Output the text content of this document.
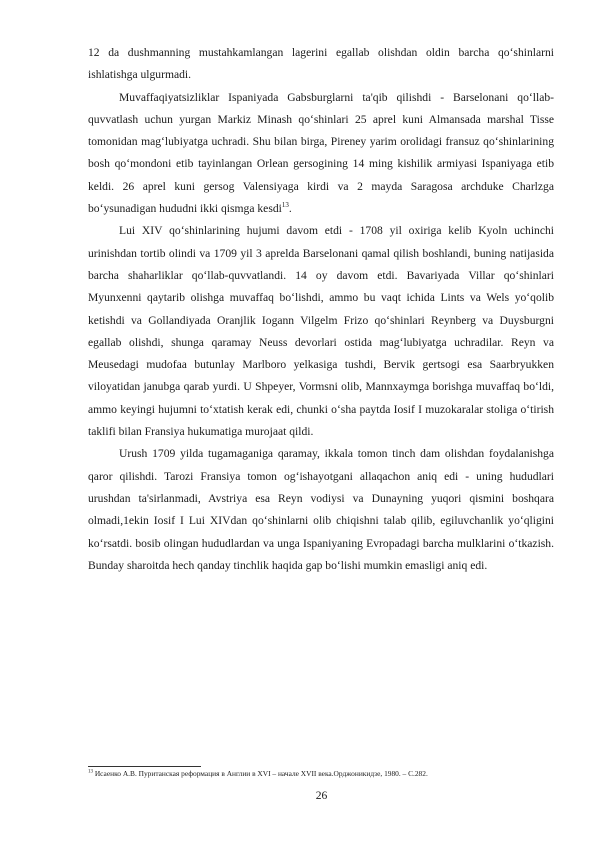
12 da dushmanning mustahkamlangan lagerini egallab olishdan oldin barcha qo‘shinlarni ishlatishga ulgurmadi.

Muvaffaqiyatsizliklar Ispaniyada Gabsburglarni ta'qib qilishdi - Barselonani qo‘llab-quvvatlash uchun yurgan Markiz Minash qo‘shinlari 25 aprel kuni Almansada marshal Tisse tomonidan mag‘lubiyatga uchradi. Shu bilan birga, Pireney yarim orolidagi fransuz qo‘shinlarining bosh qo‘mondoni etib tayinlangan Orlean gersogining 14 ming kishilik armiyasi Ispaniyaga etib keldi. 26 aprel kuni gersog Valensiyaga kirdi va 2 mayda Saragosa archduke Charlzga bo‘ysunadigan hududni ikki qismga kesdi$^{13}$.

Lui XIV qo‘shinlarining hujumi davom etdi - 1708 yil oxiriga kelib Kyoln uchinchi urinishdan tortib olindi va 1709 yil 3 aprelda Barselonani qamal qilish boshlandi, buning natijasida barcha shaharliklar qo‘llab-quvvatlandi. 14 oy davom etdi. Bavariyada Villar qo‘shinlari Myunxenni qaytarib olishga muvaffaq bo‘lishdi, ammo bu vaqt ichida Lints va Wels yo‘qolib ketishdi va Gollandiyada Oranjlik Iogann Vilgelm Frizo qo‘shinlari Reynberg va Duysburgni egallab olishdi, shunga qaramay Neuss devorlari ostida mag‘lubiyatga uchradilar. Reyn va Meusedagi mudofaa butunlay Marlboro yelkasiga tushdi, Bervik gertsogi esa Saarbryukken viloyatidan janubga qarab yurdi. U Shpeyer, Vormsni olib, Mannxaymga borishga muvaffaq bo‘ldi, ammo keyingi hujumni to‘xtatish kerak edi, chunki o‘sha paytda Iosif I muzokaralar stoliga o‘tirish taklifi bilan Fransiya hukumatiga murojaat qildi.

Urush 1709 yilda tugamaganiga qaramay, ikkala tomon tinch dam olishdan foydalanishga qaror qilishdi. Tarozi Fransiya tomon og‘ishayotgani allaqachon aniq edi - uning hududlari urushdan ta'sirlanmadi, Avstriya esa Reyn vodiysi va Dunayning yuqori qismini boshqara olmadi,1ekin Iosif I Lui XIVdan qo‘shinlarni olib chiqishni talab qilib, egiluvchanlik yo‘qligini ko‘rsatdi. bosib olingan hududlardan va unga Ispaniyaning Evropadagi barcha mulklarini o‘tkazish. Bunday sharoitda hech qanday tinchlik haqida gap bo‘lishi mumkin emasligi aniq edi.

$^{13}$ Исаенко А.В. Пуританская реформация в Англии в XVI – начале XVII века.Орджоникидзе, 1980. – С.282.
26
